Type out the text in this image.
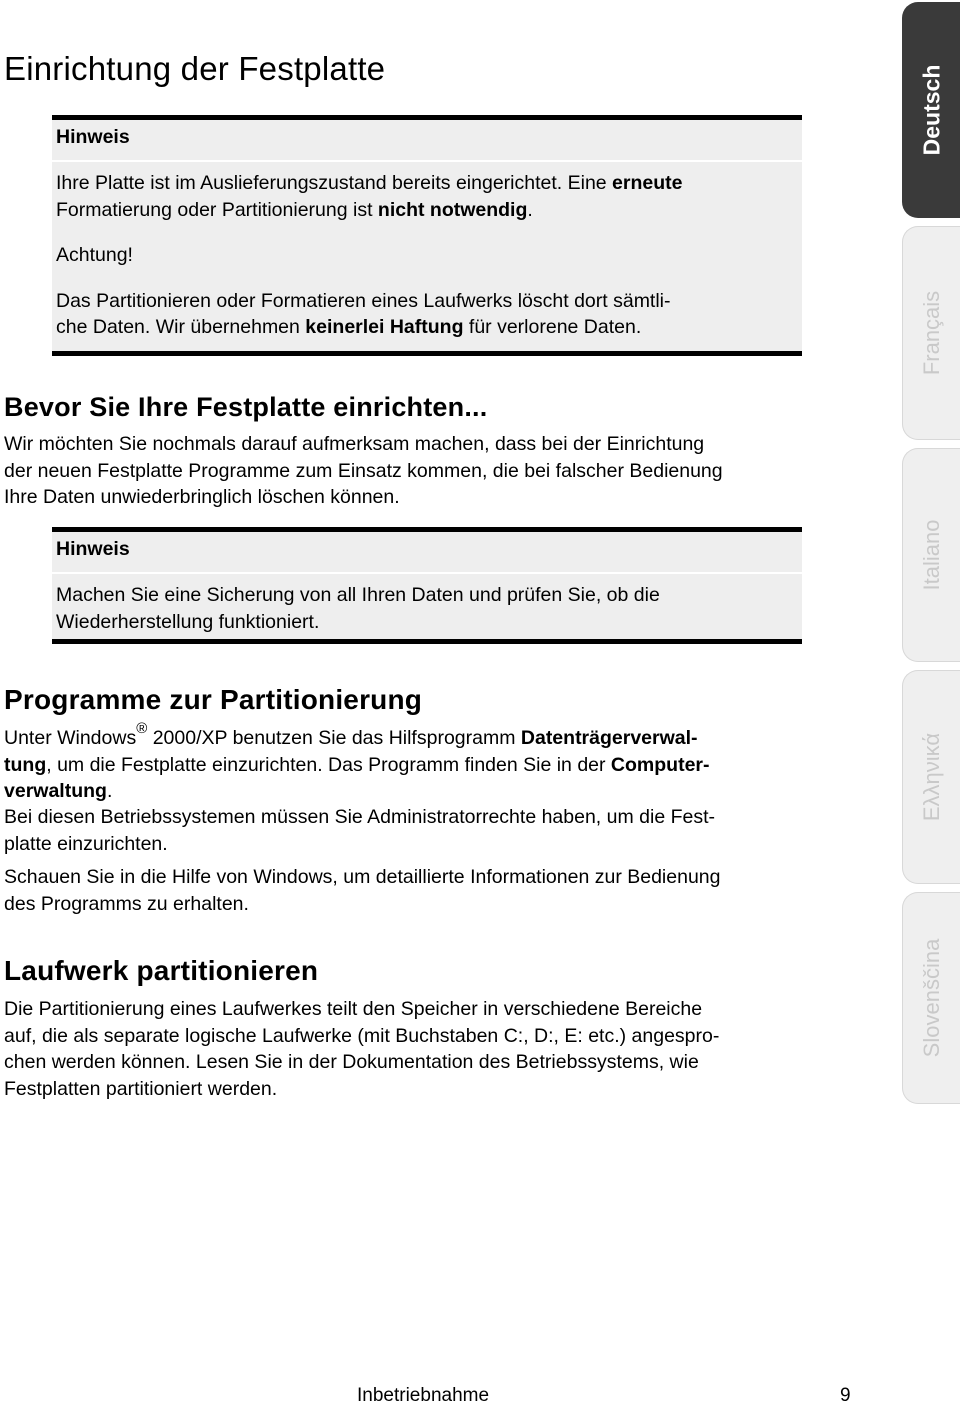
Einrichtung der Festplatte
Hinweis

Ihre Platte ist im Auslieferungszustand bereits eingerichtet. Eine erneute
Formatierung oder Partitionierung ist nicht notwendig.

Achtung!

Das Partitionieren oder Formatieren eines Laufwerks löscht dort sämtli-
che Daten. Wir übernehmen keinerlei Haftung für verlorene Daten.

Bevor Sie Ihre Festplatte einrichten...

Wir möchten Sie nochmals darauf aufmerksam machen, dass bei der Einrichtung
der neuen Festplatte Programme zum Einsatz kommen, die bei falscher Bedienung
Ihre Daten unwiederbringlich löschen können.

Hinweis

Machen Sie eine Sicherung von all Ihren Daten und prüfen Sie, ob die
Wiederherstellung funktioniert.

Programme zur Partitionierung

Unter Windows® 2000/XP benutzen Sie das Hilfsprogramm Datenträgerverwal-
tung, um die Festplatte einzurichten. Das Programm finden Sie in der Computer-
verwaltung.

Bei diesen Betriebssystemen müssen Sie Administratorrechte haben, um die Fest-
platte einzurichten.

Schauen Sie in die Hilfe von Windows, um detaillierte Informationen zur Bedienung
des Programms zu erhalten.

Laufwerk partitionieren

Die Partitionierung eines Laufwerkes teilt den Speicher in verschiedene Bereiche
auf, die als separate logische Laufwerke (mit Buchstaben C:, D:, E: etc.) angespro-
chen werden können. Lesen Sie in der Dokumentation des Betriebssystems, wie
Festplatten partitioniert werden.

Deutsch
Français
Italiano
Ελληνικά
Slovenščina
Inbetriebnahme	9
